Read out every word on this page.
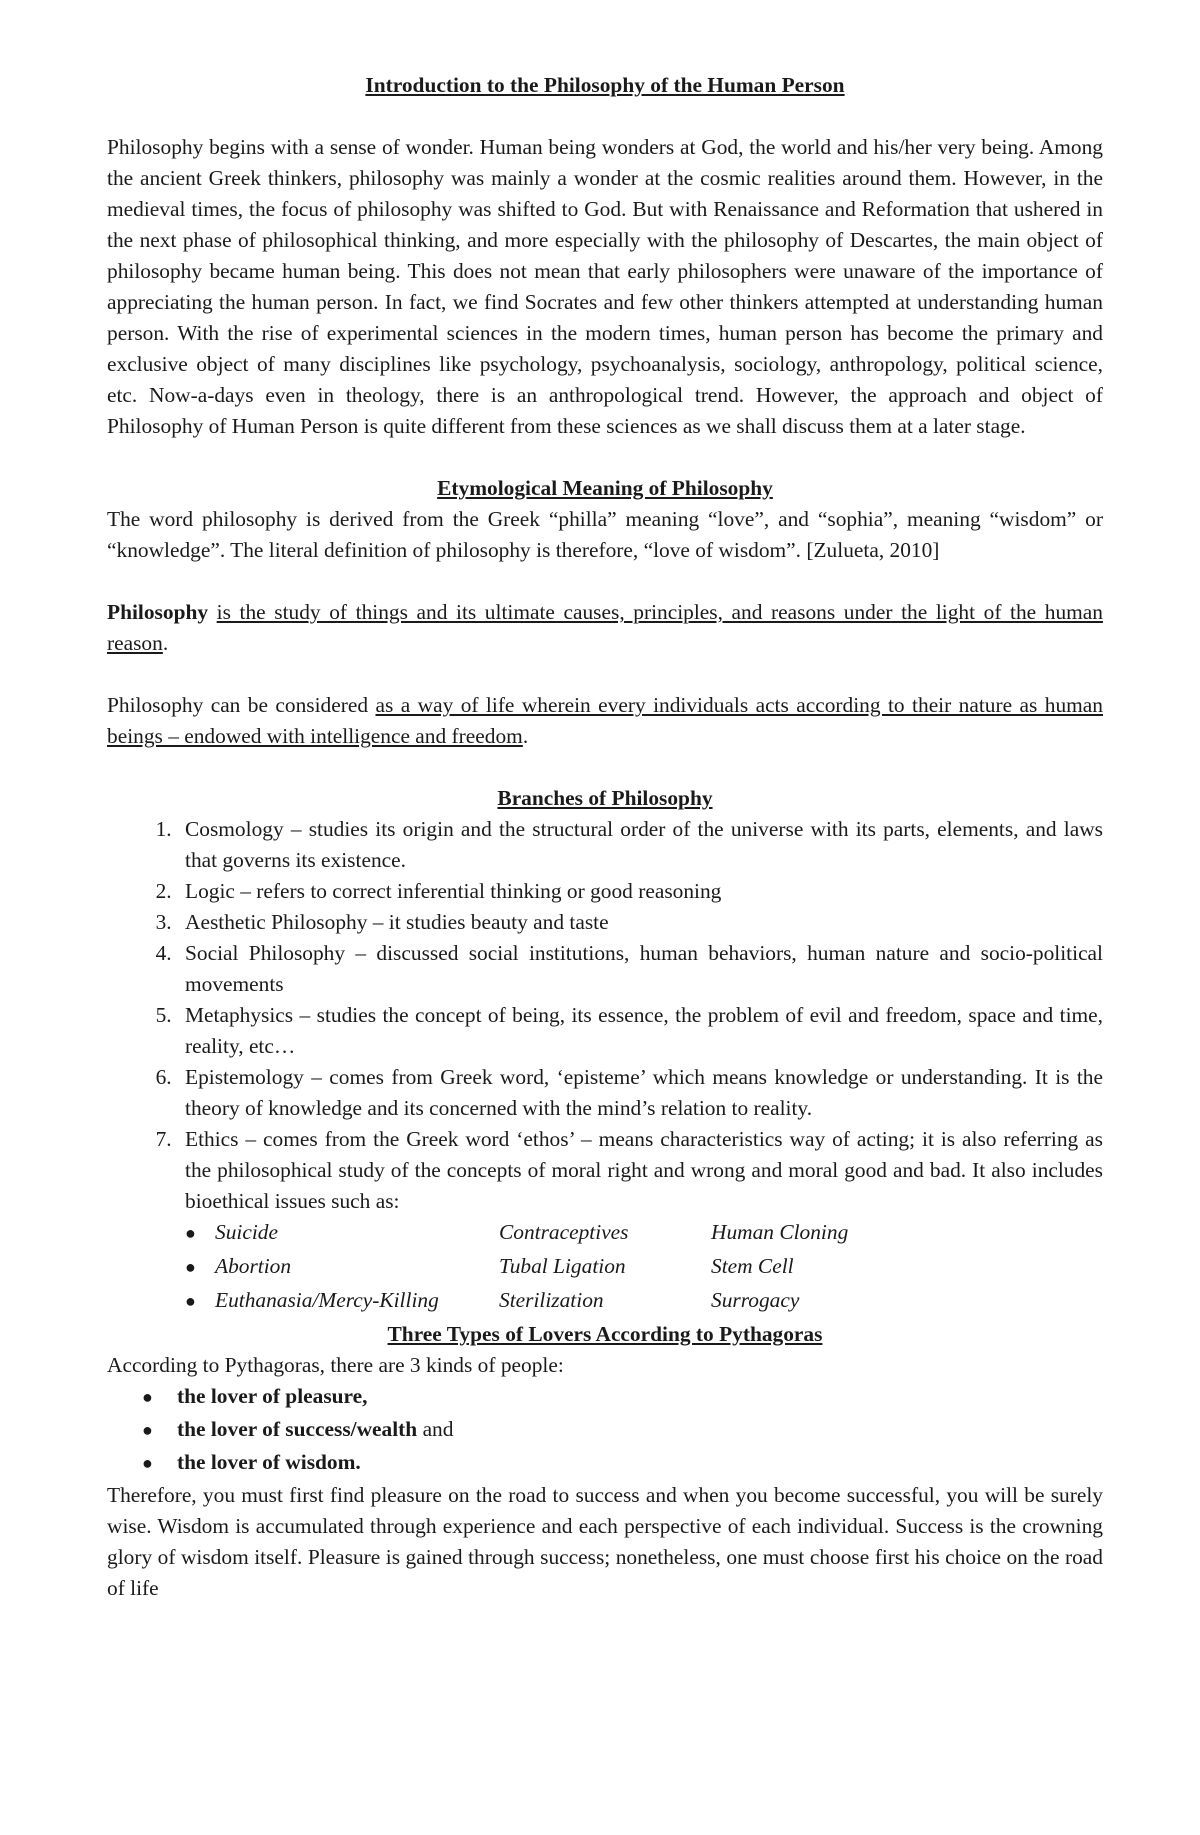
Introduction to the Philosophy of the Human Person

Philosophy begins with a sense of wonder. Human being wonders at God, the world and his/her very being. Among the ancient Greek thinkers, philosophy was mainly a wonder at the cosmic realities around them. However, in the medieval times, the focus of philosophy was shifted to God. But with Renaissance and Reformation that ushered in the next phase of philosophical thinking, and more especially with the philosophy of Descartes, the main object of philosophy became human being. This does not mean that early philosophers were unaware of the importance of appreciating the human person. In fact, we find Socrates and few other thinkers attempted at understanding human person. With the rise of experimental sciences in the modern times, human person has become the primary and exclusive object of many disciplines like psychology, psychoanalysis, sociology, anthropology, political science, etc. Now-a-days even in theology, there is an anthropological trend. However, the approach and object of Philosophy of Human Person is quite different from these sciences as we shall discuss them at a later stage.

Etymological Meaning of Philosophy

The word philosophy is derived from the Greek “philla” meaning “love”, and “sophia”, meaning “wisdom” or “knowledge”. The literal definition of philosophy is therefore, “love of wisdom”. [Zulueta, 2010]

Philosophy is the study of things and its ultimate causes, principles, and reasons under the light of the human reason.

Philosophy can be considered as a way of life wherein every individuals acts according to their nature as human beings – endowed with intelligence and freedom.

Branches of Philosophy

1. Cosmology – studies its origin and the structural order of the universe with its parts, elements, and laws that governs its existence.
2. Logic – refers to correct inferential thinking or good reasoning
3. Aesthetic Philosophy – it studies beauty and taste
4. Social Philosophy – discussed social institutions, human behaviors, human nature and socio-political movements
5. Metaphysics – studies the concept of being, its essence, the problem of evil and freedom, space and time, reality, etc…
6. Epistemology – comes from Greek word, ‘episteme’ which means knowledge or understanding. It is the theory of knowledge and its concerned with the mind’s relation to reality.
7. Ethics – comes from the Greek word ‘ethos’ – means characteristics way of acting; it is also referring as the philosophical study of the concepts of moral right and wrong and moral good and bad. It also includes bioethical issues such as:
● Suicide	Contraceptives	Human Cloning
● Abortion	Tubal Ligation	Stem Cell
● Euthanasia/Mercy-Killing	Sterilization	Surrogacy

Three Types of Lovers According to Pythagoras

According to Pythagoras, there are 3 kinds of people:

●	the lover of pleasure,
●	the lover of success/wealth and
●	the lover of wisdom.

Therefore, you must first find pleasure on the road to success and when you become successful, you will be surely wise. Wisdom is accumulated through experience and each perspective of each individual. Success is the crowning glory of wisdom itself. Pleasure is gained through success; nonetheless, one must choose first his choice on the road of life
